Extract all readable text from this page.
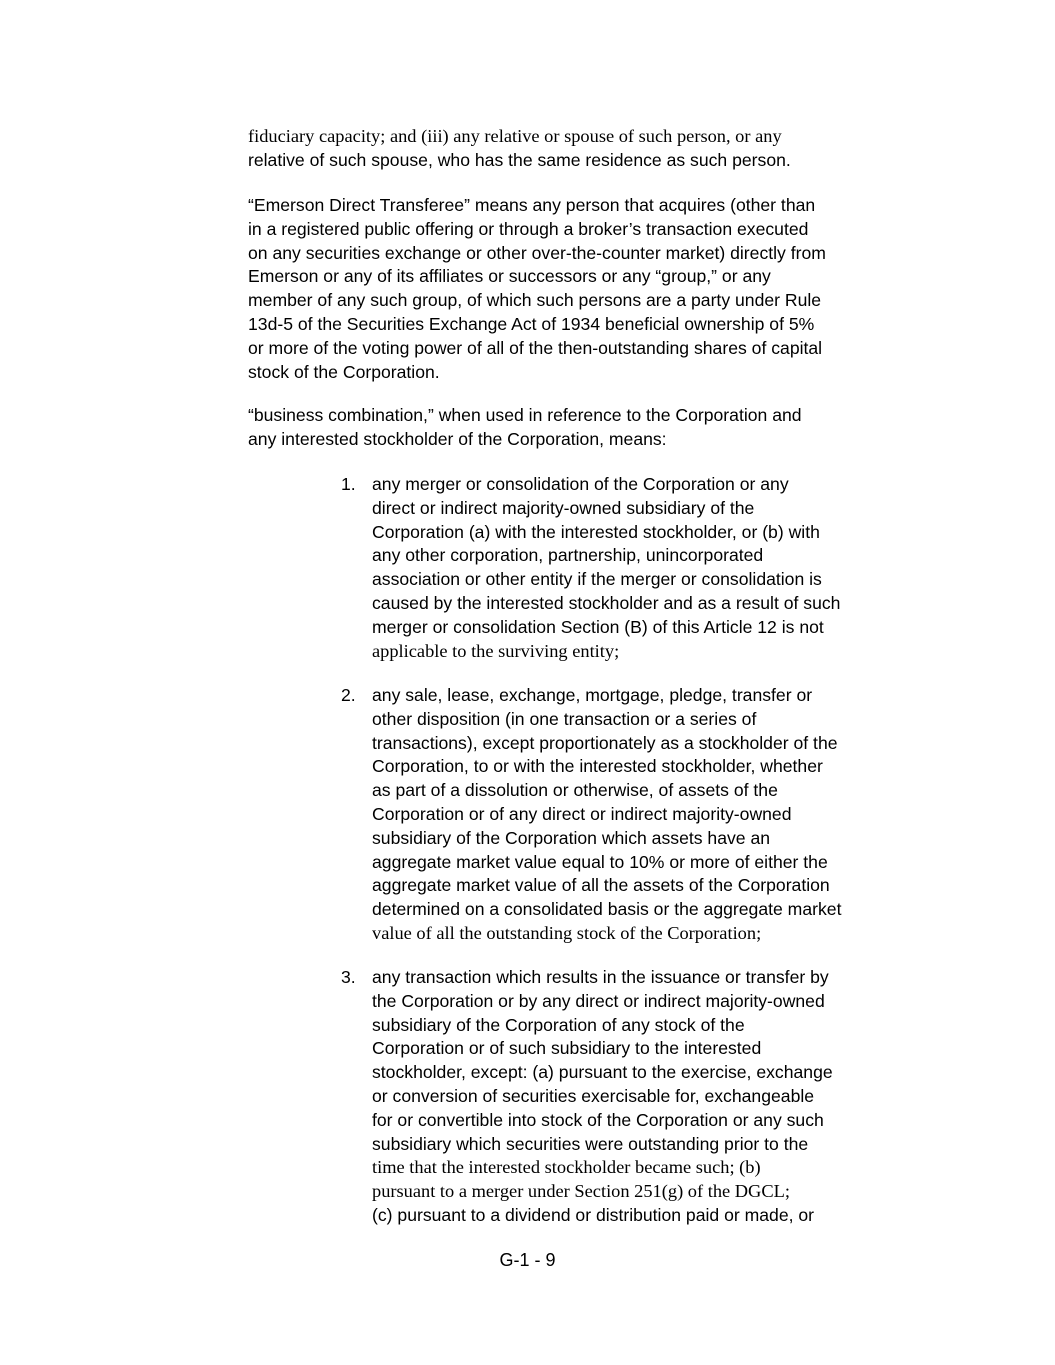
fiduciary capacity; and (iii) any relative or spouse of such person, or any
relative of such spouse, who has the same residence as such person.
“Emerson Direct Transferee” means any person that acquires (other than
in a registered public offering or through a broker’s transaction executed
on any securities exchange or other over-the-counter market) directly from
Emerson or any of its affiliates or successors or any “group,” or any
member of any such group, of which such persons are a party under Rule
13d-5 of the Securities Exchange Act of 1934 beneficial ownership of 5%
or more of the voting power of all of the then-outstanding shares of capital
stock of the Corporation.
“business combination,” when used in reference to the Corporation and
any interested stockholder of the Corporation, means:
1. any merger or consolidation of the Corporation or any
direct or indirect majority-owned subsidiary of the
Corporation (a) with the interested stockholder, or (b) with
any other corporation, partnership, unincorporated
association or other entity if the merger or consolidation is
caused by the interested stockholder and as a result of such
merger or consolidation Section (B) of this Article 12 is not
applicable to the surviving entity;
2. any sale, lease, exchange, mortgage, pledge, transfer or
other disposition (in one transaction or a series of
transactions), except proportionately as a stockholder of the
Corporation, to or with the interested stockholder, whether
as part of a dissolution or otherwise, of assets of the
Corporation or of any direct or indirect majority-owned
subsidiary of the Corporation which assets have an
aggregate market value equal to 10% or more of either the
aggregate market value of all the assets of the Corporation
determined on a consolidated basis or the aggregate market
value of all the outstanding stock of the Corporation;
3. any transaction which results in the issuance or transfer by
the Corporation or by any direct or indirect majority-owned
subsidiary of the Corporation of any stock of the
Corporation or of such subsidiary to the interested
stockholder, except: (a) pursuant to the exercise, exchange
or conversion of securities exercisable for, exchangeable
for or convertible into stock of the Corporation or any such
subsidiary which securities were outstanding prior to the
time that the interested stockholder became such; (b)
pursuant to a merger under Section 251(g) of the DGCL;
(c) pursuant to a dividend or distribution paid or made, or
G-1 - 9
